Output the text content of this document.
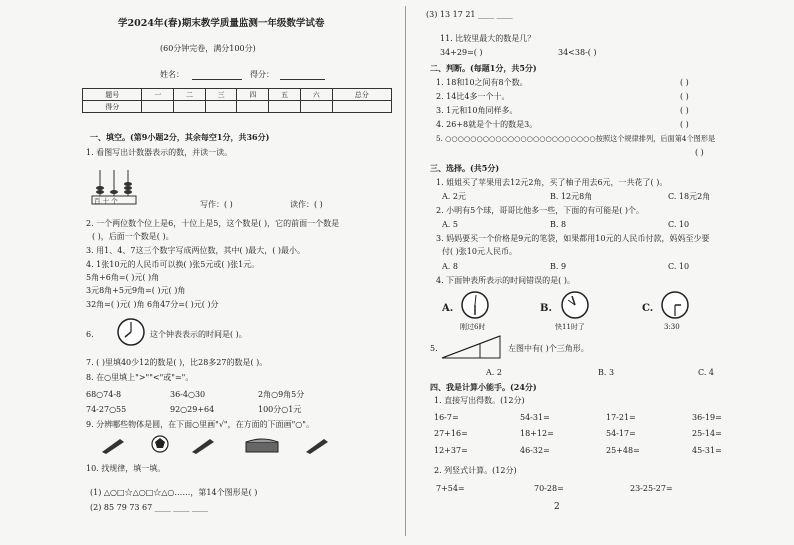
学2024年(春)期末教学质量监测一年级数学试卷
(60分钟完卷，满分100分)
姓名：	得分：
题号	一	二	三	四	五	六	总分
得分							
一、填空。(第9小题2分，其余每空1分，共36分)
1. 看图写出计数器表示的数，并读一读。
百 十 个	写作：( )	读作：( )
2. 一个两位数个位上是6，十位上是5，这个数是( )，它的前面一个数是
( )，后面一个数是( )。
3. 用1、4、7这三个数字写成两位数，其中( )最大，( )最小。
4. 1张10元的人民币可以换( )张5元或( )张1元。
5角+6角=( )元( )角
3元8角+5元9角=( )元( )角
32角=( )元( )角 6角47分=( )元( )分
6.	这个钟表表示的时间是( )。
7. ( )里填40少12的数是( )，比28多27的数是( )。
8. 在○里填上">""<"或"="。
68○74-8	36-4○30	2角○9角5分
74-27○55	92○29+64	100分○1元
9. 分辨哪些物体是圆，在下面○里画"√"，在方面的下面画"○"。
10. 找规律，填一填。
(1) △○□☆△○□☆△○……，第14个图形是( )
(2) 85 79 73 67 ____ ____ ____
(3) 13 17 21 ____ ____
11. 比较里最大的数是几？
34+29=( )	34<38-( )
二、判断。(每题1分，共5分)
1. 18和10之间有8个数。	( )
2. 14比4多一个十。	( )
3. 1元和10角同样多。	( )
4. 26+8就是个十的数是3。	( )
5. ○○○○○○○○○○○○○○○○○○○○○○○○按照这个规律排列，后面第4个图形是
( )
三、选择。(共5分)
1. 姐姐买了苹果用去12元2角，买了柚子用去6元，一共花了( )。
A. 2元	B. 12元8角	C. 18元2角
2. 小明有5个球，哥哥比他多一些，下面的有可能是( )个。
A. 5	B. 8	C. 10
3. 妈妈要买一个价格是9元的笔袋，如果都用10元的人民币付款，妈妈至少要
付( )张10元人民币。
A. 8	B. 9	C. 10
4. 下面钟表所表示的时间错误的是( )。
A.
刚过6时
B.
快11时了
C.
3:30
5.	左图中有( )个三角形。
A. 2	B. 3	C. 4
四、我是计算小能手。(24分)
1. 直接写出得数。(12分)
16-7=	54-31=	17-21=	36-19=
27+16=	18+12=	54-17=	25-14=
12+37=	46-32=	25+48=	45-31=
2. 列竖式计算。(12分)
7+54=	70-28=	23-25-27=
2
